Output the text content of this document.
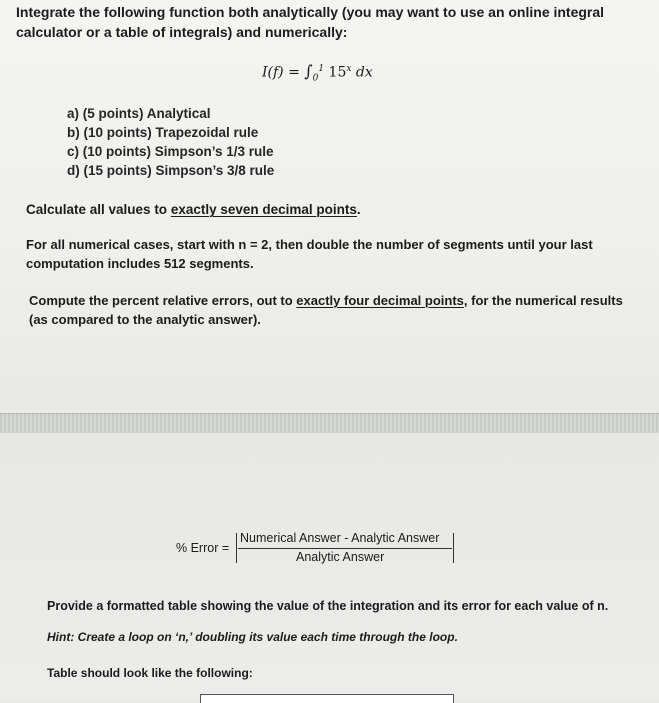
Integrate the following function both analytically (you may want to use an online integral calculator or a table of integrals) and numerically:

$I(f) = \int_0^1$ 15$^x$ dx
a) (5 points) Analytical
b) (10 points) Trapezoidal rule
c) (10 points) Simpson’s 1/3 rule
d) (15 points) Simpson’s 3/8 rule

Calculate all values to exactly seven decimal points.

For all numerical cases, start with n = 2, then double the number of segments until your last computation includes 512 segments.

Compute the percent relative errors, out to exactly four decimal points, for the numerical results (as compared to the analytic answer).

% Error =
Numerical Answer - Analytic Answer
Analytic Answer

Provide a formatted table showing the value of the integration and its error for each value of n.

Hint: Create a loop on ‘n,’ doubling its value each time through the loop.

Table should look like the following:
